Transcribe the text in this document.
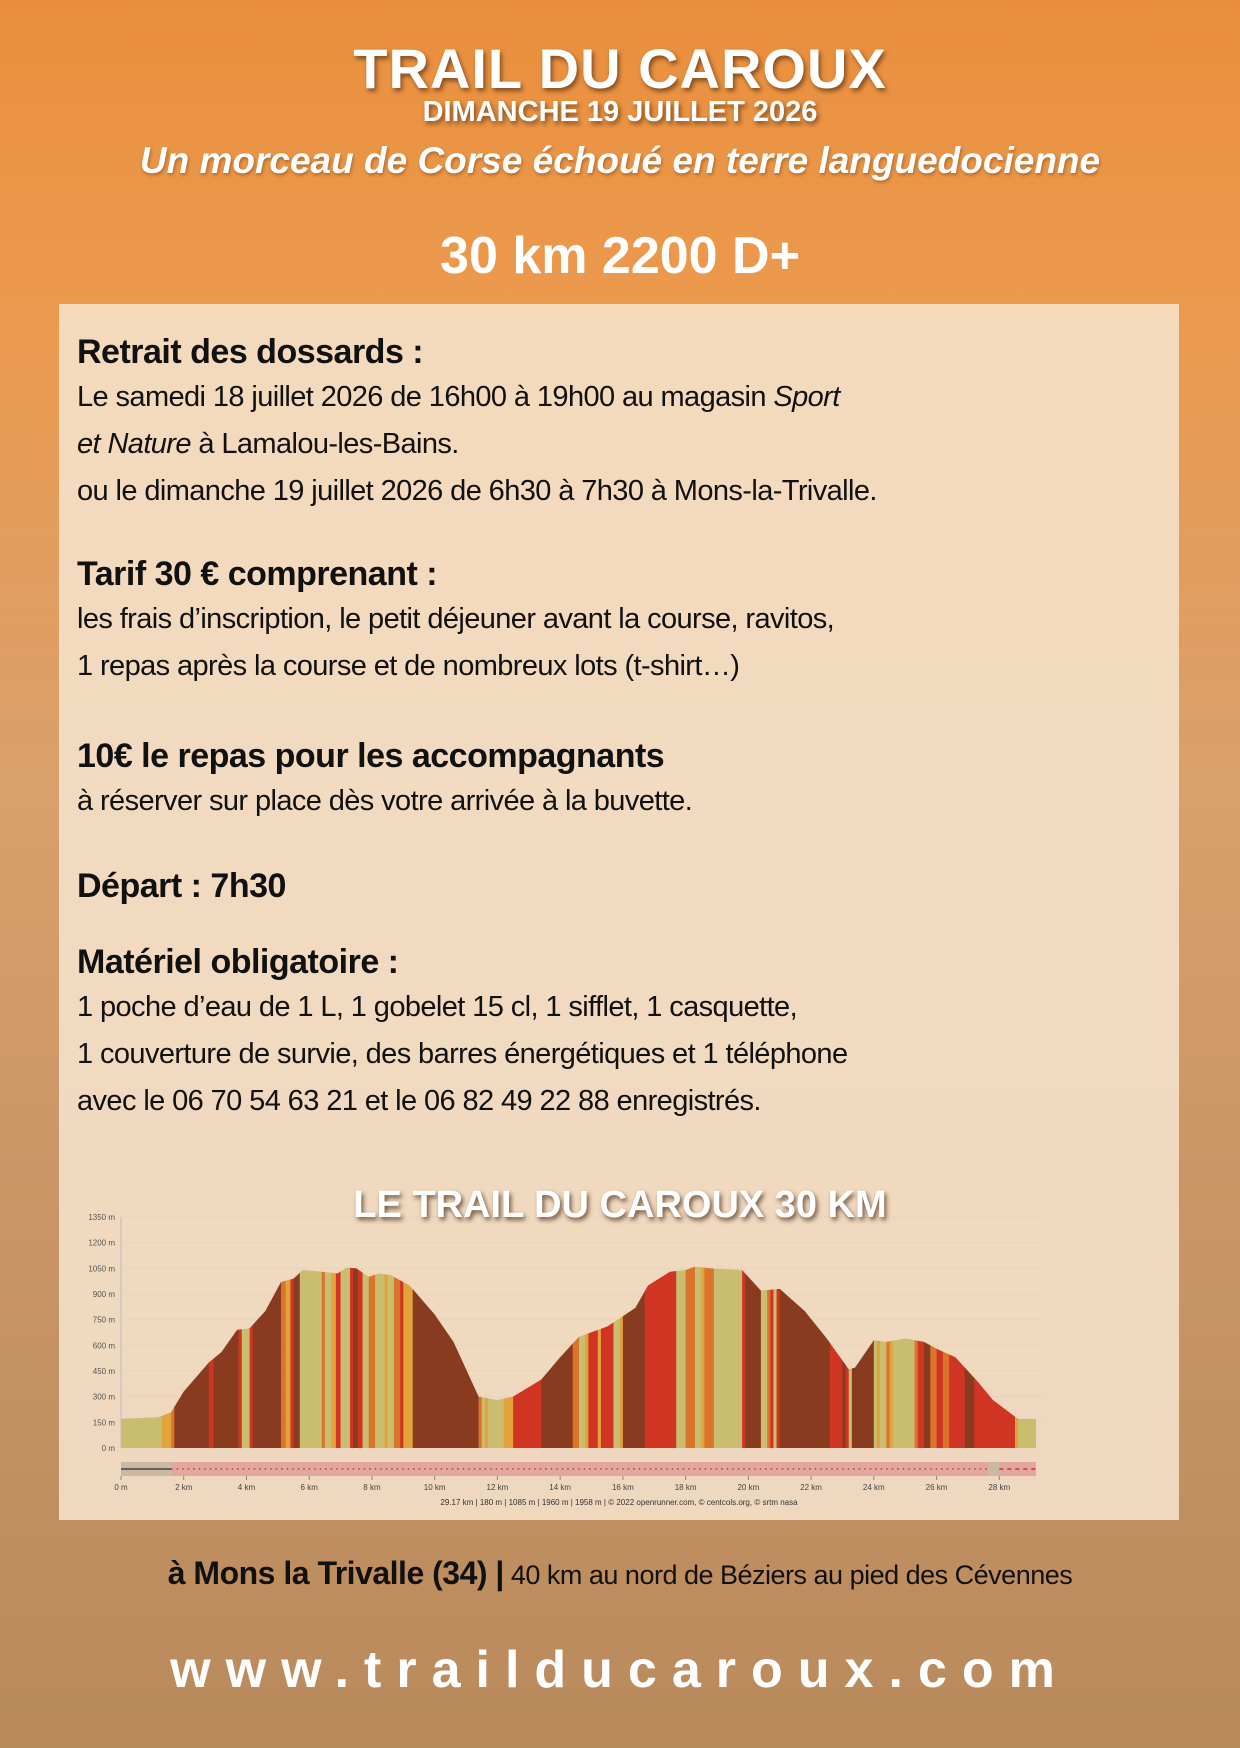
TRAIL DU CAROUX
DIMANCHE 19 JUILLET 2026
Un morceau de Corse échoué en terre languedocienne
30 km 2200 D+
Retrait des dossards :
Le samedi 18 juillet 2026 de 16h00 à 19h00 au magasin Sport
et Nature à Lamalou-les-Bains.
ou le dimanche 19 juillet 2026 de 6h30 à 7h30 à Mons-la-Trivalle.
Tarif 30 € comprenant :
les frais d’inscription, le petit déjeuner avant la course, ravitos,
1 repas après la course et de nombreux lots (t-shirt…)
10€ le repas pour les accompagnants
à réserver sur place dès votre arrivée à la buvette.
Départ : 7h30
Matériel obligatoire :
1 poche d’eau de 1 L, 1 gobelet 15 cl, 1 sifflet, 1 casquette,
1 couverture de survie, des barres énergétiques et 1 téléphone
avec le 06 70 54 63 21 et le 06 82 49 22 88 enregistrés.
0 m
150 m
300 m
450 m
600 m
750 m
900 m
1050 m
1200 m
1350 m
0 m	2 km	4 km	6 km	8 km	10 km	12 km	14 km	16 km	18 km	20 km	22 km	24 km	26 km	28 km
29.17 km | 180 m | 1085 m | 1960 m | 1958 m | © 2022 openrunner.com, © centcols.org, © srtm nasa
LE TRAIL DU CAROUX 30 KM
à Mons la Trivalle (34) | 40 km au nord de Béziers au pied des Cévennes
www.trailducaroux.com
